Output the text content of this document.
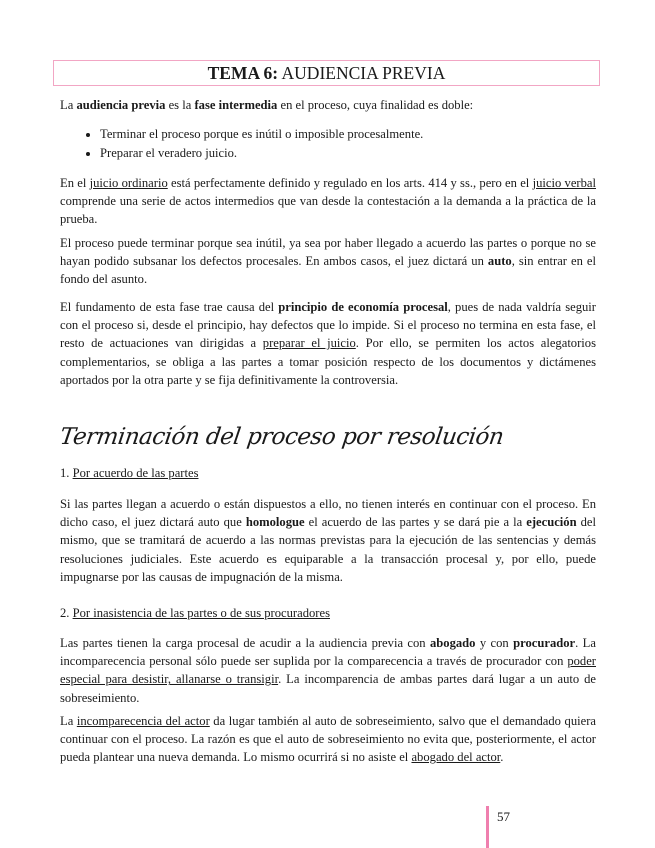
TEMA 6: AUDIENCIA PREVIA
La audiencia previa es la fase intermedia en el proceso, cuya finalidad es doble:
• Terminar el proceso porque es inútil o imposible procesalmente.
• Preparar el veradero juicio.
En el juicio ordinario está perfectamente definido y regulado en los arts. 414 y ss., pero en el juicio verbal comprende una serie de actos intermedios que van desde la contestación a la demanda a la práctica de la prueba.
El proceso puede terminar porque sea inútil, ya sea por haber llegado a acuerdo las partes o porque no se hayan podido subsanar los defectos procesales. En ambos casos, el juez dictará un auto, sin entrar en el fondo del asunto.
El fundamento de esta fase trae causa del principio de economía procesal, pues de nada valdría seguir con el proceso si, desde el principio, hay defectos que lo impide. Si el proceso no termina en esta fase, el resto de actuaciones van dirigidas a preparar el juicio. Por ello, se permiten los actos alegatorios complementarios, se obliga a las partes a tomar posición respecto de los documentos y dictámenes aportados por la otra parte y se fija definitivamente la controversia.
1. Por acuerdo de las partes
Si las partes llegan a acuerdo o están dispuestos a ello, no tienen interés en continuar con el proceso. En dicho caso, el juez dictará auto que homologue el acuerdo de las partes y se dará pie a la ejecución del mismo, que se tramitará de acuerdo a las normas previstas para la ejecución de las sentencias y demás resoluciones judiciales. Este acuerdo es equiparable a la transacción procesal y, por ello, puede impugnarse por las causas de impugnación de la misma.
2. Por inasistencia de las partes o de sus procuradores
Las partes tienen la carga procesal de acudir a la audiencia previa con abogado y con procurador. La incomparecencia personal sólo puede ser suplida por la comparecencia a través de procurador con poder especial para desistir, allanarse o transigir. La incomparencia de ambas partes dará lugar a un auto de sobreseimiento.
La incomparecencia del actor da lugar también al auto de sobreseimiento, salvo que el demandado quiera continuar con el proceso. La razón es que el auto de sobreseimiento no evita que, posteriormente, el actor pueda plantear una nueva demanda. Lo mismo ocurrirá si no asiste el abogado del actor.
Terminación del proceso por resolución
57
